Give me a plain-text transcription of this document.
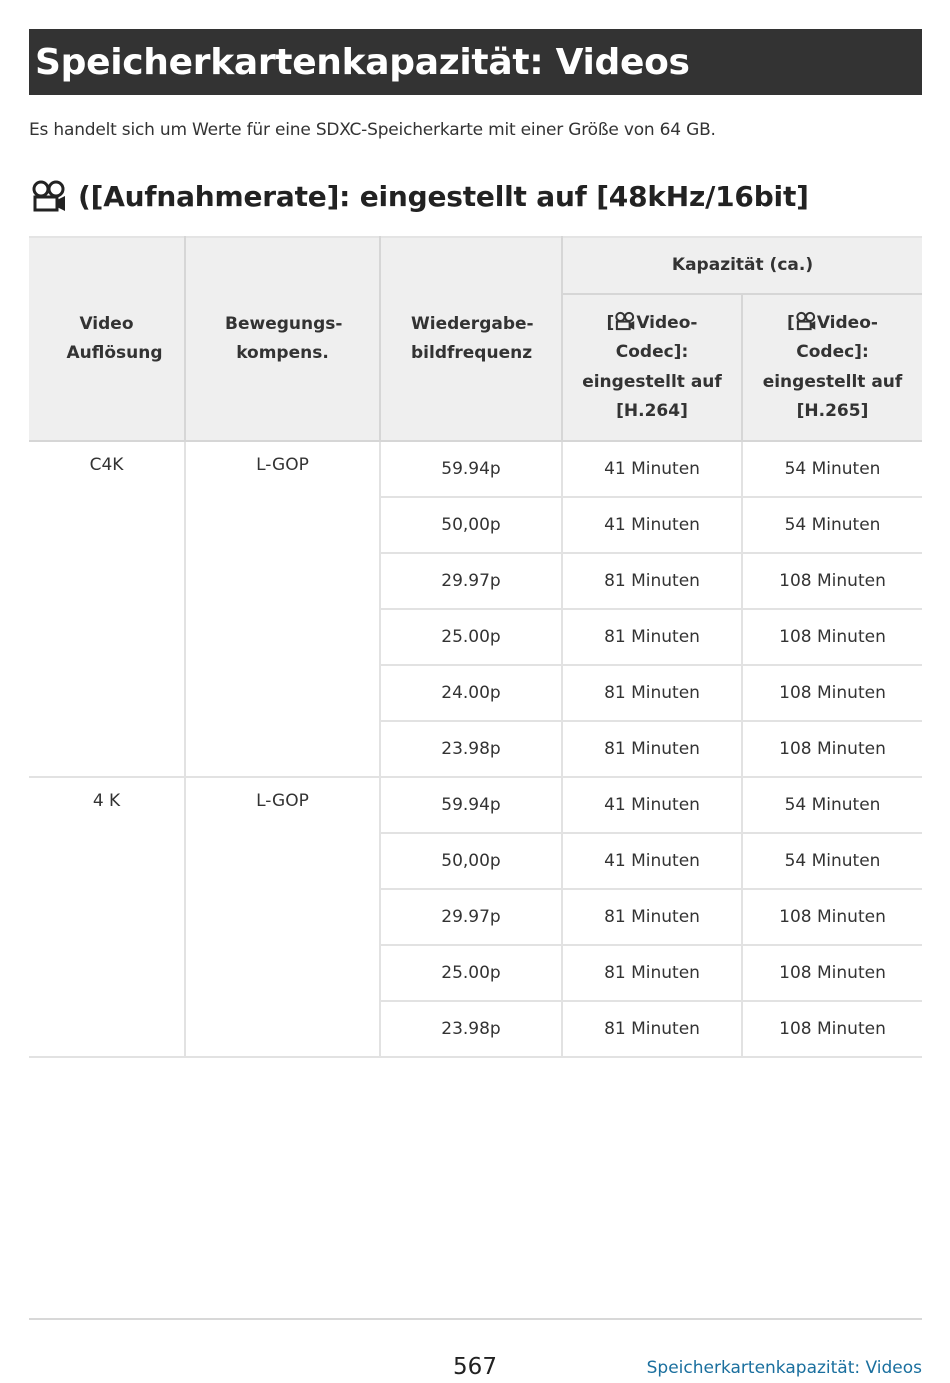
Speicherkartenkapazität: Videos
Es handelt sich um Werte für eine SDXC-Speicherkarte mit einer Größe von 64 GB.
([Aufnahmerate]: eingestellt auf [48kHz/16bit]
Video Auflösung	Bewegungs-kompens.	Wiedergabe-bildfrequenz	Kapazität (ca.)	

			[ Video-Codec]: eingestellt auf [H.264]	[ Video-Codec]: eingestellt auf [H.265]

C4K	L-GOP	59.94p	41 Minuten	54 Minuten
		50,00p	41 Minuten	54 Minuten
		29.97p	81 Minuten	108 Minuten
		25.00p	81 Minuten	108 Minuten
		24.00p	81 Minuten	108 Minuten
		23.98p	81 Minuten	108 Minuten
4 K	L-GOP	59.94p	41 Minuten	54 Minuten
		50,00p	41 Minuten	54 Minuten
		29.97p	81 Minuten	108 Minuten
		25.00p	81 Minuten	108 Minuten
		23.98p	81 Minuten	108 Minuten
567	Speicherkartenkapazität: Videos
